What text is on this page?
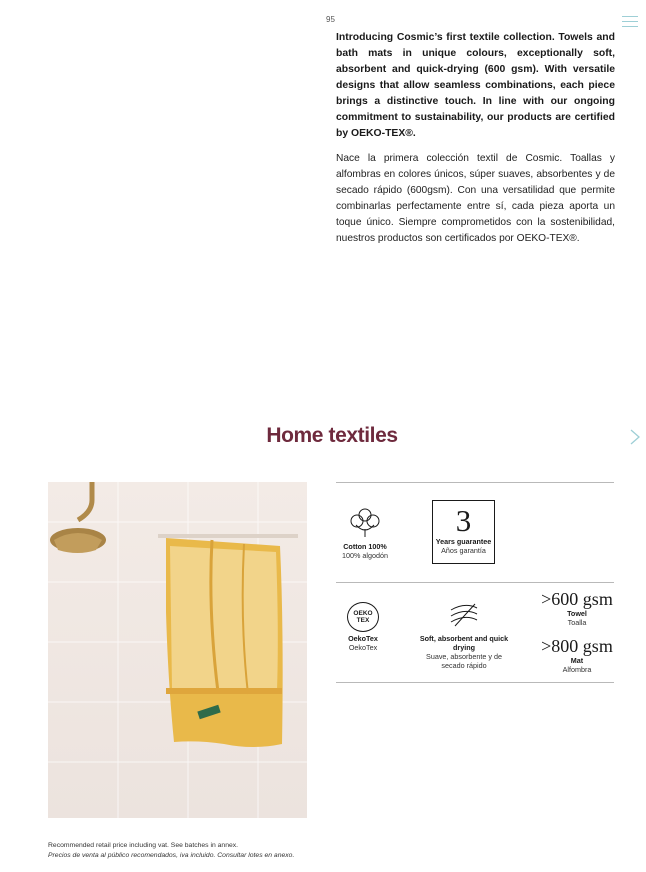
95

Introducing Cosmic’s first textile collection. Towels and bath mats in unique colours, exceptionally soft, absorbent and quick-drying (600 gsm). With versatile designs that allow seamless combinations, each piece brings a distinctive touch. In line with our ongoing commitment to sustainability, our products are certified by OEKO-TEX®.

Nace la primera colección textil de Cosmic. Toallas y alfombras en colores únicos, súper suaves, absorbentes y de secado rápido (600gsm). Con una versatilidad que permite combinarlas perfectamente entre sí, cada pieza aporta un toque único. Siempre comprometidos con la sostenibilidad, nuestros productos son certificados por OEKO-TEX®.

Home textiles
Cotton 100%
100% algodón
3
Years guarantee
Años garantía
OEKO
TEX
OekoTex
OekoTex
Soft, absorbent and quick drying
Suave, absorbente y de secado rápido
>600 gsm
Towel
Toalla
>800 gsm
Mat
Alfombra
Recommended retail price including vat. See batches in annex.
Precios de venta al público recomendados, iva incluido. Consultar lotes en anexo.
